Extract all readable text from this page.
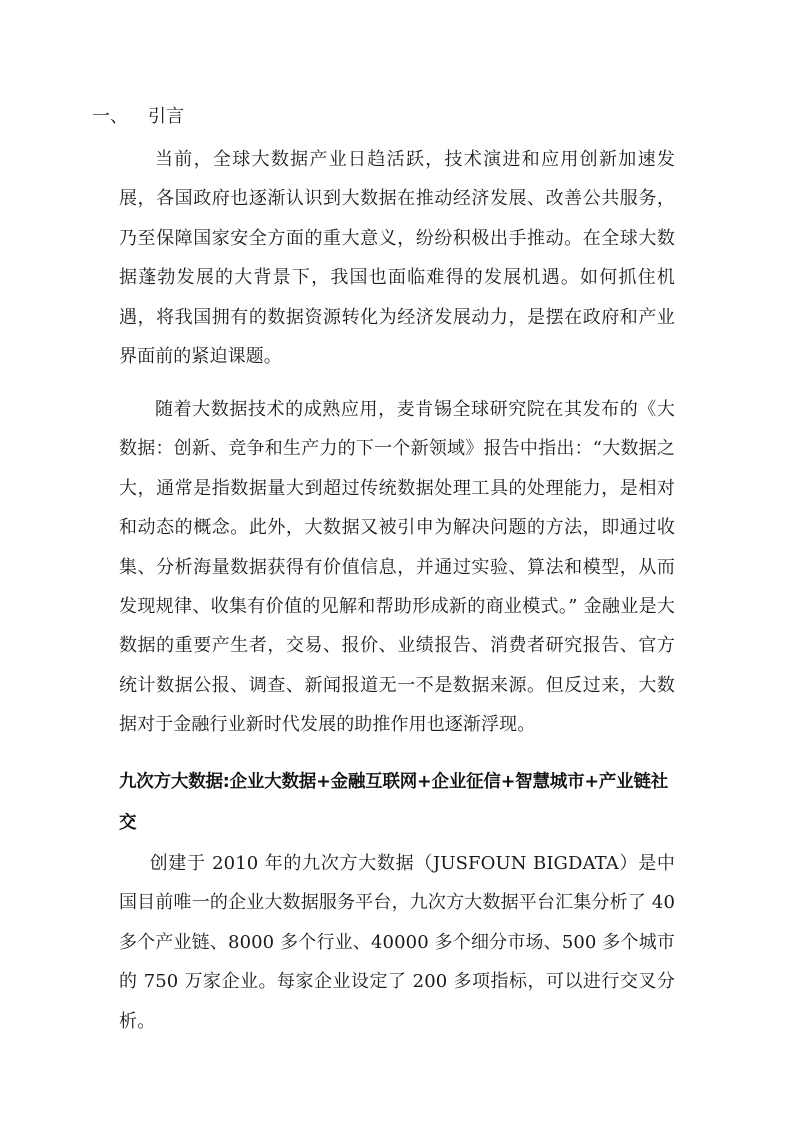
一、 引言

当前，全球大数据产业日趋活跃，技术演进和应用创新加速发展，各国政府也逐渐认识到大数据在推动经济发展、改善公共服务，乃至保障国家安全方面的重大意义，纷纷积极出手推动。在全球大数据蓬勃发展的大背景下，我国也面临难得的发展机遇。如何抓住机遇，将我国拥有的数据资源转化为经济发展动力，是摆在政府和产业界面前的紧迫课题。

随着大数据技术的成熟应用，麦肯锡全球研究院在其发布的《大数据：创新、竞争和生产力的下一个新领域》报告中指出：“大数据之大，通常是指数据量大到超过传统数据处理工具的处理能力，是相对和动态的概念。此外，大数据又被引申为解决问题的方法，即通过收集、分析海量数据获得有价值信息，并通过实验、算法和模型，从而发现规律、收集有价值的见解和帮助形成新的商业模式。” 金融业是大数据的重要产生者，交易、报价、业绩报告、消费者研究报告、官方统计数据公报、调查、新闻报道无一不是数据来源。但反过来，大数据对于金融行业新时代发展的助推作用也逐渐浮现。

九次方大数据:企业大数据+金融互联网+企业征信+智慧城市+产业链社交

创建于 2010 年的九次方大数据（JUSFOUN BIGDATA）是中国目前唯一的企业大数据服务平台，九次方大数据平台汇集分析了 40 多个产业链、8000 多个行业、40000 多个细分市场、500 多个城市的 750 万家企业。每家企业设定了 200 多项指标，可以进行交叉分析。
